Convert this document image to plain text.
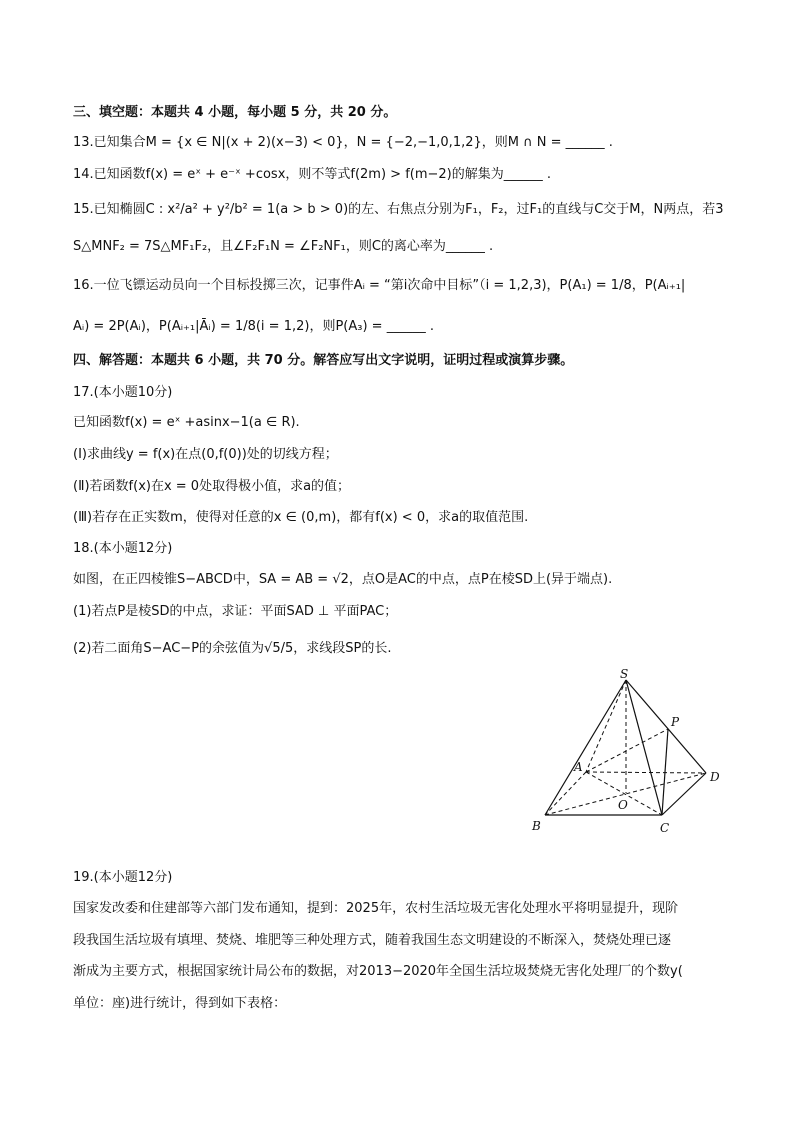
三、填空题：本题共 4 小题，每小题 5 分，共 20 分。
13.已知集合M = {x ∈ N|(x + 2)(x−3) < 0}，N = {−2,−1,0,1,2}，则M ∩ N = ______ .
14.已知函数f(x) = eˣ + e⁻ˣ +cosx，则不等式f(2m) > f(m−2)的解集为______ .
15.已知椭圆C : x²/a² + y²/b² = 1(a > b > 0)的左、右焦点分别为F₁，F₂，过F₁的直线与C交于M，N两点，若3
S△MNF₂ = 7S△MF₁F₂，且∠F₂F₁N = ∠F₂NF₁，则C的离心率为______ .
16.一位飞镖运动员向一个目标投掷三次，记事件Aᵢ = “第i次命中目标”（i = 1,2,3)，P(A₁) = 1/8，P(Aᵢ₊₁|
Aᵢ) = 2P(Aᵢ)，P(Aᵢ₊₁|Āᵢ) = 1/8(i = 1,2)，则P(A₃) = ______ .
四、解答题：本题共 6 小题，共 70 分。解答应写出文字说明，证明过程或演算步骤。
17.(本小题10分)
已知函数f(x) = eˣ +asinx−1(a ∈ R).
(Ⅰ)求曲线y = f(x)在点(0,f(0))处的切线方程；
(Ⅱ)若函数f(x)在x = 0处取得极小值，求a的值；
(Ⅲ)若存在正实数m，使得对任意的x ∈ (0,m)，都有f(x) < 0，求a的取值范围.
18.(本小题12分)
如图，在正四棱锥S−ABCD中，SA = AB = √2，点O是AC的中点，点P在棱SD上(异于端点).
(1)若点P是棱SD的中点，求证：平面SAD ⊥ 平面PAC；
(2)若二面角S−AC−P的余弦值为√5/5，求线段SP的长.
S
P
A
D
O
B	C
19.(本小题12分)
国家发改委和住建部等六部门发布通知，提到：2025年，农村生活垃圾无害化处理水平将明显提升，现阶
段我国生活垃圾有填埋、焚烧、堆肥等三种处理方式，随着我国生态文明建设的不断深入，焚烧处理已逐
渐成为主要方式，根据国家统计局公布的数据，对2013−2020年全国生活垃圾焚烧无害化处理厂的个数y(
单位：座)进行统计，得到如下表格：
